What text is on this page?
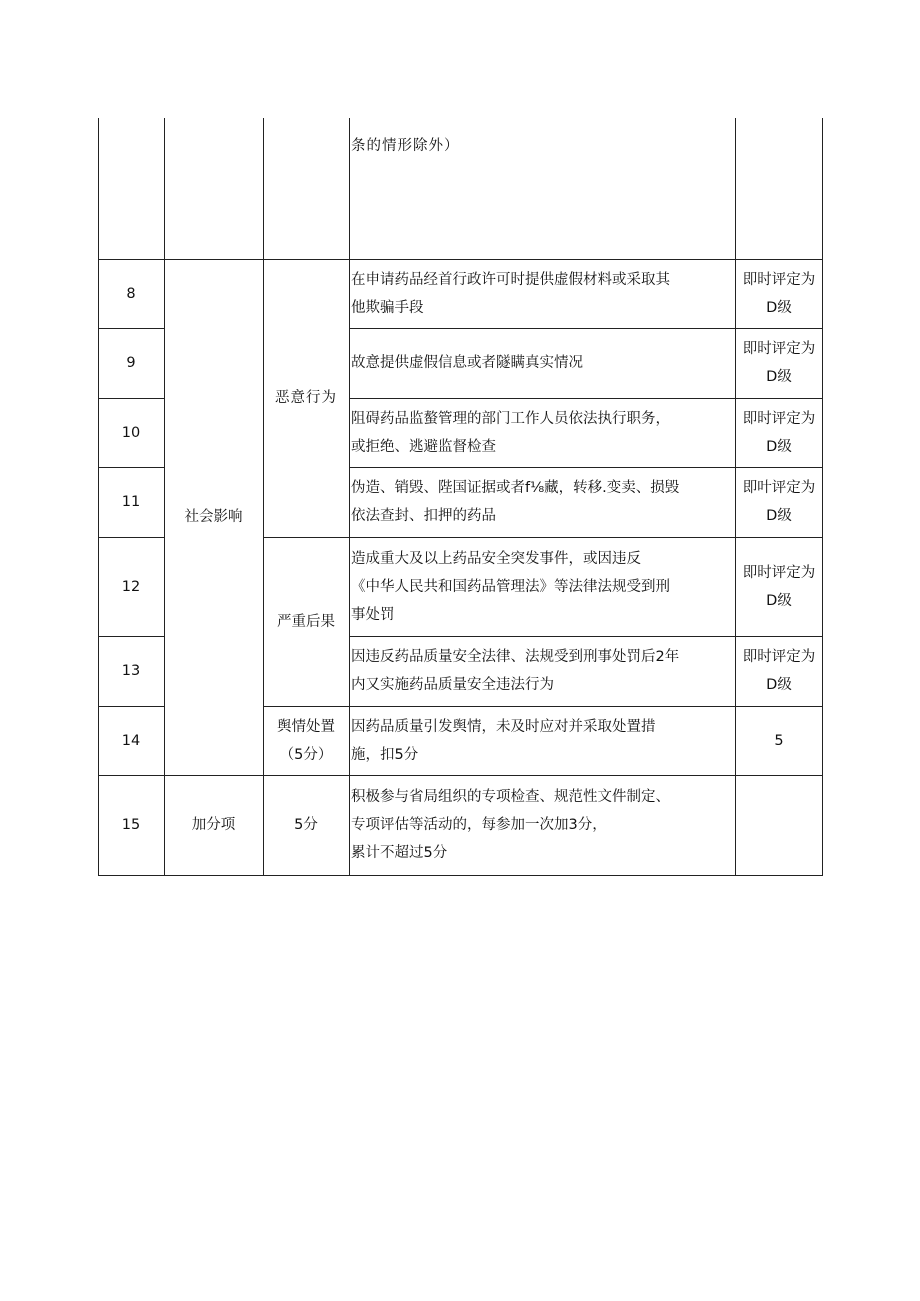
条的情形除外）
社会影响
加分项
恶意行为
严重后果
舆情处置
（5分）
5分
8
在申请药品经首行政许可时提供虚假材料或采取其
他欺骗手段
即时评定为
D级
9	故意提供虚假信息或者隧瞒真实情况
即时评定为
D级
10
阻碍药品监螯管理的部门工作人员依法执行职务，
或拒绝、逃避监督检查
即时评定为
D级
11
伪造、销毁、陛国证据或者f⅛藏，转移.变卖、损毁
依法查封、扣押的药品
即叶评定为
D级
12
造成重大及以上药品安全突发事件，或因违反
《中华人民共和国药品管理法》等法律法规受到刑
事处罚
即时评定为
D级
13
因违反药品质量安全法律、法规受到刑事处罚后2年
内又实施药品质量安全违法行为
即时评定为
D级
14
因药品质量引发舆情，未及时应对并采取处置措
施，扣5分
5
15
积极参与省局组织的专项检查、规范性文件制定、
专项评估等活动的，每参加一次加3分，
累计不超过5分
